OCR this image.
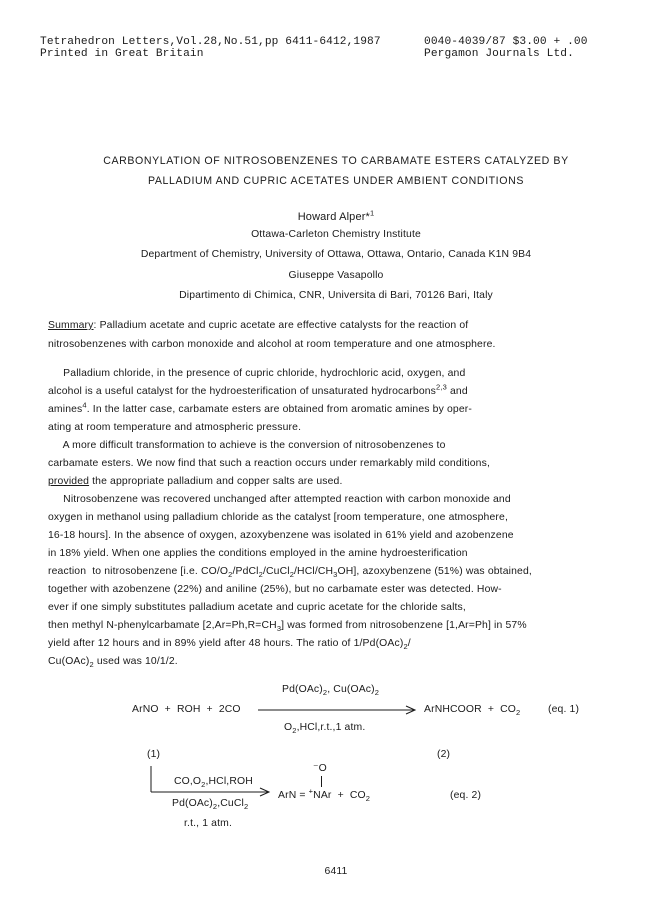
Tetrahedron Letters,Vol.28,No.51,pp 6411-6412,1987
Printed in Great Britain
0040-4039/87 $3.00 + .00
Pergamon Journals Ltd.
CARBONYLATION OF NITROSOBENZENES TO CARBAMATE ESTERS CATALYZED BY
PALLADIUM AND CUPRIC ACETATES UNDER AMBIENT CONDITIONS
Howard Alper*$^1$
Ottawa-Carleton Chemistry Institute
Department of Chemistry, University of Ottawa, Ottawa, Ontario, Canada K1N 9B4
Giuseppe Vasapollo
Dipartimento di Chimica, CNR, Universita di Bari, 70126 Bari, Italy
Summary: Palladium acetate and cupric acetate are effective catalysts for the reaction of
nitrosobenzenes with carbon monoxide and alcohol at room temperature and one atmosphere.
Palladium chloride, in the presence of cupric chloride, hydrochloric acid, oxygen, and
alcohol is a useful catalyst for the hydroesterification of unsaturated hydrocarbons$^{2,3}$ and
amines$^4$. In the latter case, carbamate esters are obtained from aromatic amines by oper-
ating at room temperature and atmospheric pressure.
A more difficult transformation to achieve is the conversion of nitrosobenzenes to
carbamate esters. We now find that such a reaction occurs under remarkably mild conditions,
provided the appropriate palladium and copper salts are used.
Nitrosobenzene was recovered unchanged after attempted reaction with carbon monoxide and
oxygen in methanol using palladium chloride as the catalyst [room temperature, one atmosphere,
16-18 hours]. In the absence of oxygen, azoxybenzene was isolated in 61% yield and azobenzene
in 18% yield. When one applies the conditions employed in the amine hydroesterification
reaction  to nitrosobenzene [i.e. $CO/O_2/PdCl_2/CuCl_2/HCl/CH_3OH$], azoxybenzene (51%) was obtained,
together with azobenzene (22%) and aniline (25%), but no carbamate ester was detected. How-
ever if one simply substitutes palladium acetate and cupric acetate for the chloride salts,
then methyl N-phenylcarbamate $[2,Ar=Ph,R=CH_3]$ was formed from nitrosobenzene [1,Ar=Ph] in 57%
yield after 12 hours and in 89% yield after 48 hours. The ratio of $1/Pd(OAc)_2/$
$Cu(OAc)_2$ used was 10/1/2.
$Pd(OAc)_2$, $Cu(OAc)_2$
ArNO  +  ROH  +  2CO	ArNHCOOR  +  $CO_2$	(eq. 1)
$O_2,HCl,r.t.,1$ atm.
(1)	(2)
$CO,O_2,HCl,ROH$
$Pd(OAc)_2,CuCl_2$
r.t., 1 atm.
⁻O
ArN = $^+NAr + CO_2$	(eq. 2)
6411
